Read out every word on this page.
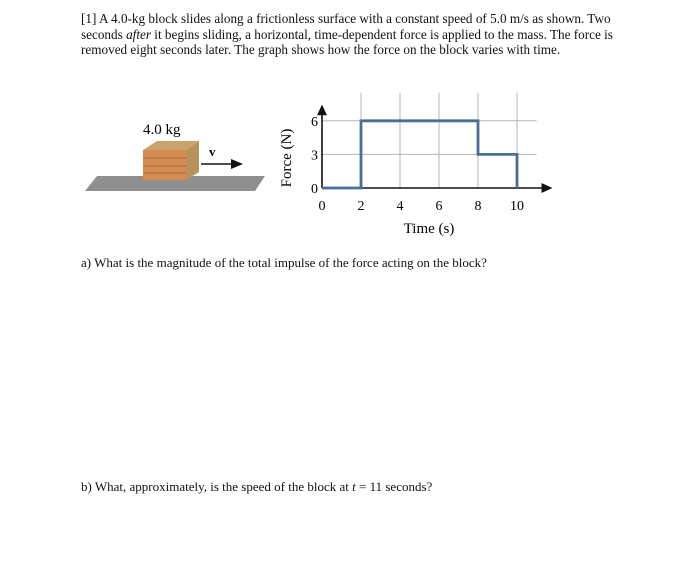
[1] A 4.0-kg block slides along a frictionless surface with a constant speed of 5.0 m/s as shown. Two seconds after it begins sliding, a horizontal, time-dependent force is applied to the mass. The force is removed eight seconds later. The graph shows how the force on the block varies with time.

4.0 kg
v
0 2 4 6 8 10
0
3
6
Force (N)
Time (s)
a) What is the magnitude of the total impulse of the force acting on the block?
b) What, approximately, is the speed of the block at t = 11 seconds?
